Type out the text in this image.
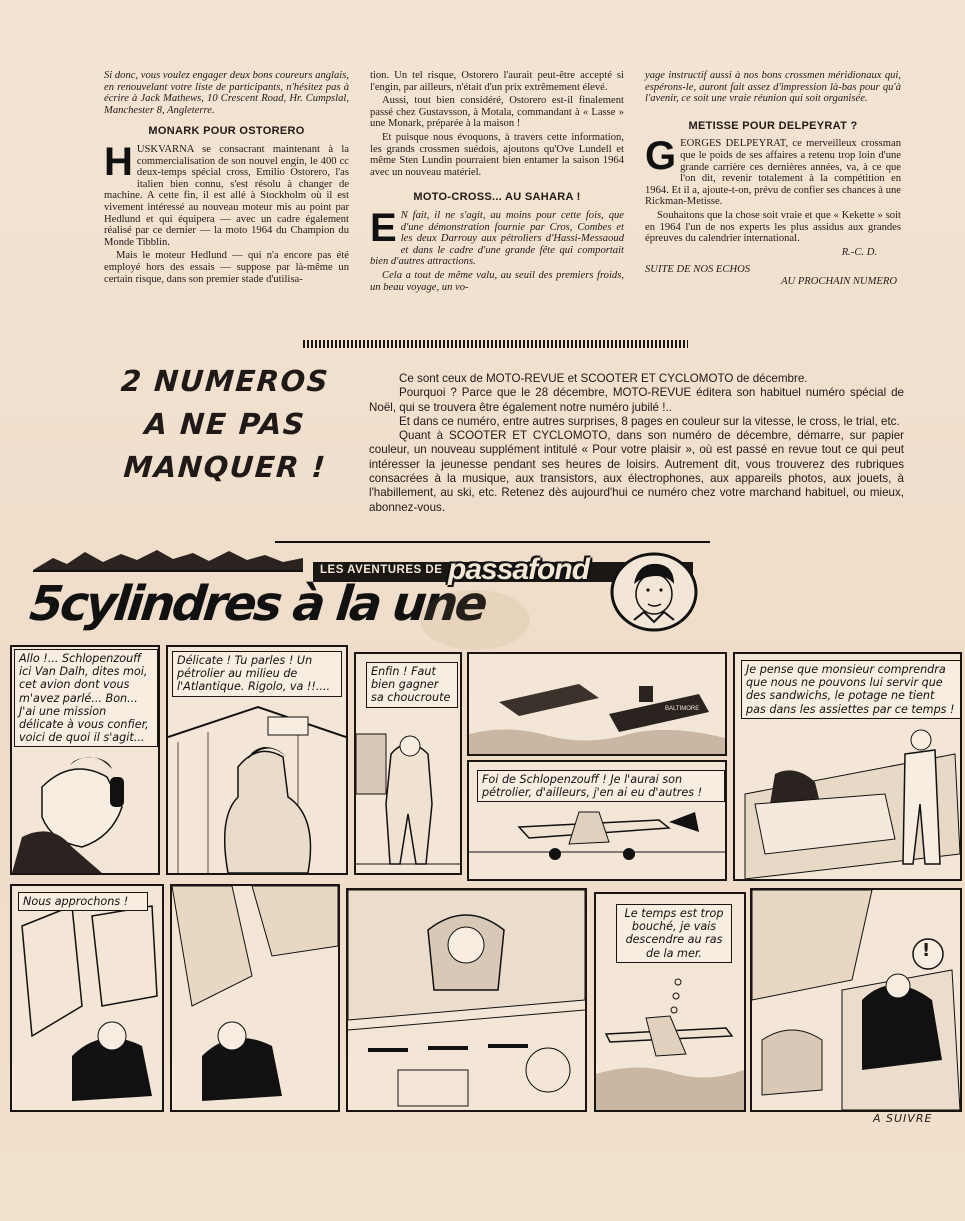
Si donc, vous voulez engager deux bons coureurs anglais, en renouvelant votre liste de participants, n'hésitez pas à écrire à Jack Mathews, 10 Crescent Road, Hr. Cumpslal, Manchester 8, Angleterre.

MONARK POUR OSTORERO

HUSKVARNA se consacrant maintenant à la commercialisation de son nouvel engin, le 400 cc deux-temps spécial cross, Emilio Ostorero, l'as italien bien connu, s'est résolu à changer de machine. A cette fin, il est allé à Stockholm où il est vivement intéressé au nouveau moteur mis au point par Hedlund et qui équipera — avec un cadre également réalisé par ce dernier — la moto 1964 du Champion du Monde Tibblin.

Mais le moteur Hedlund — qui n'a encore pas été employé hors des essais — suppose par là-même un certain risque, dans son premier stade d'utilisa-

tion. Un tel risque, Ostorero l'aurait peut-être accepté si l'engin, par ailleurs, n'était d'un prix extrêmement élevé.

Aussi, tout bien considéré, Ostorero est-il finalement passé chez Gustavsson, à Motala, commandant à « Lasse » une Monark, préparée à la maison !

Et puisque nous évoquons, à travers cette information, les grands crossmen suédois, ajoutons qu'Ove Lundell et même Sten Lundin pourraient bien entamer la saison 1964 avec un nouveau matériel.

MOTO-CROSS... AU SAHARA !

E N fait, il ne s'agit, au moins pour cette fois, que d'une démonstration fournie par Cros, Combes et les deux Darrouy aux pétroliers d'Hassi-Messaoud et dans le cadre d'une grande fête qui comportait bien d'autres attractions.

Cela a tout de même valu, au seuil des premiers froids, un beau voyage, un vo-

yage instructif aussi à nos bons crossmen méridionaux qui, espérons-le, auront fait assez d'impression là-bas pour qu'à l'avenir, ce soit une vraie réunion qui soit organisée.

METISSE POUR DELPEYRAT ?

GEORGES DELPEYRAT, ce merveilleux crossman que le poids de ses affaires a retenu trop loin d'une grande carrière ces dernières années, va, à ce que l'on dit, revenir totalement à la compétition en 1964. Et il a, ajoute-t-on, prévu de confier ses chances à une Rickman-Metisse.

Souhaitons que la chose soit vraie et que « Kekette » soit en 1964 l'un de nos experts les plus assidus aux grandes épreuves du calendrier international.

R.-C. D.
SUITE DE NOS ECHOS
AU PROCHAIN NUMERO
2 NUMEROS
A NE PAS
MANQUER !

Ce sont ceux de MOTO-REVUE et SCOOTER ET CYCLOMOTO de décembre.

Pourquoi ? Parce que le 28 décembre, MOTO-REVUE éditera son habituel numéro spécial de Noël, qui se trouvera être également notre numéro jubilé !..

Et dans ce numéro, entre autres surprises, 8 pages en couleur sur la vitesse, le cross, le trial, etc.

Quant à SCOOTER ET CYCLOMOTO, dans son numéro de décembre, démarre, sur papier couleur, un nouveau supplément intitulé « Pour votre plaisir », où est passé en revue tout ce qui peut intéresser la jeunesse pendant ses heures de loisirs. Autrement dit, vous trouverez des rubriques consacrées à la musique, aux transistors, aux électrophones, aux appareils photos, aux jouets, à l'habillement, au ski, etc. Retenez dès aujourd'hui ce numéro chez votre marchand habituel, ou mieux, abonnez-vous.

LES AVENTURES DE passafond
5cylindres à la une
Allo !... Schlopenzouff ici Van Dalh, dites moi, cet avion dont vous m'avez parlé... Bon... J'ai une mission délicate à vous confier, voici de quoi il s'agit...
Délicate ! Tu parles ! Un pétrolier au milieu de l'Atlantique. Rigolo, va !!....
Enfin ! Faut bien gagner sa choucroute
BALTIMORE
Foi de Schlopenzouff ! Je l'aurai son pétrolier, d'ailleurs, j'en ai eu d'autres !
Je pense que monsieur comprendra que nous ne pouvons lui servir que des sandwichs, le potage ne tient pas dans les assiettes par ce temps !
Nous approchons !
Le temps est trop bouché, je vais descendre au ras de la mer.	!
A SUIVRE
